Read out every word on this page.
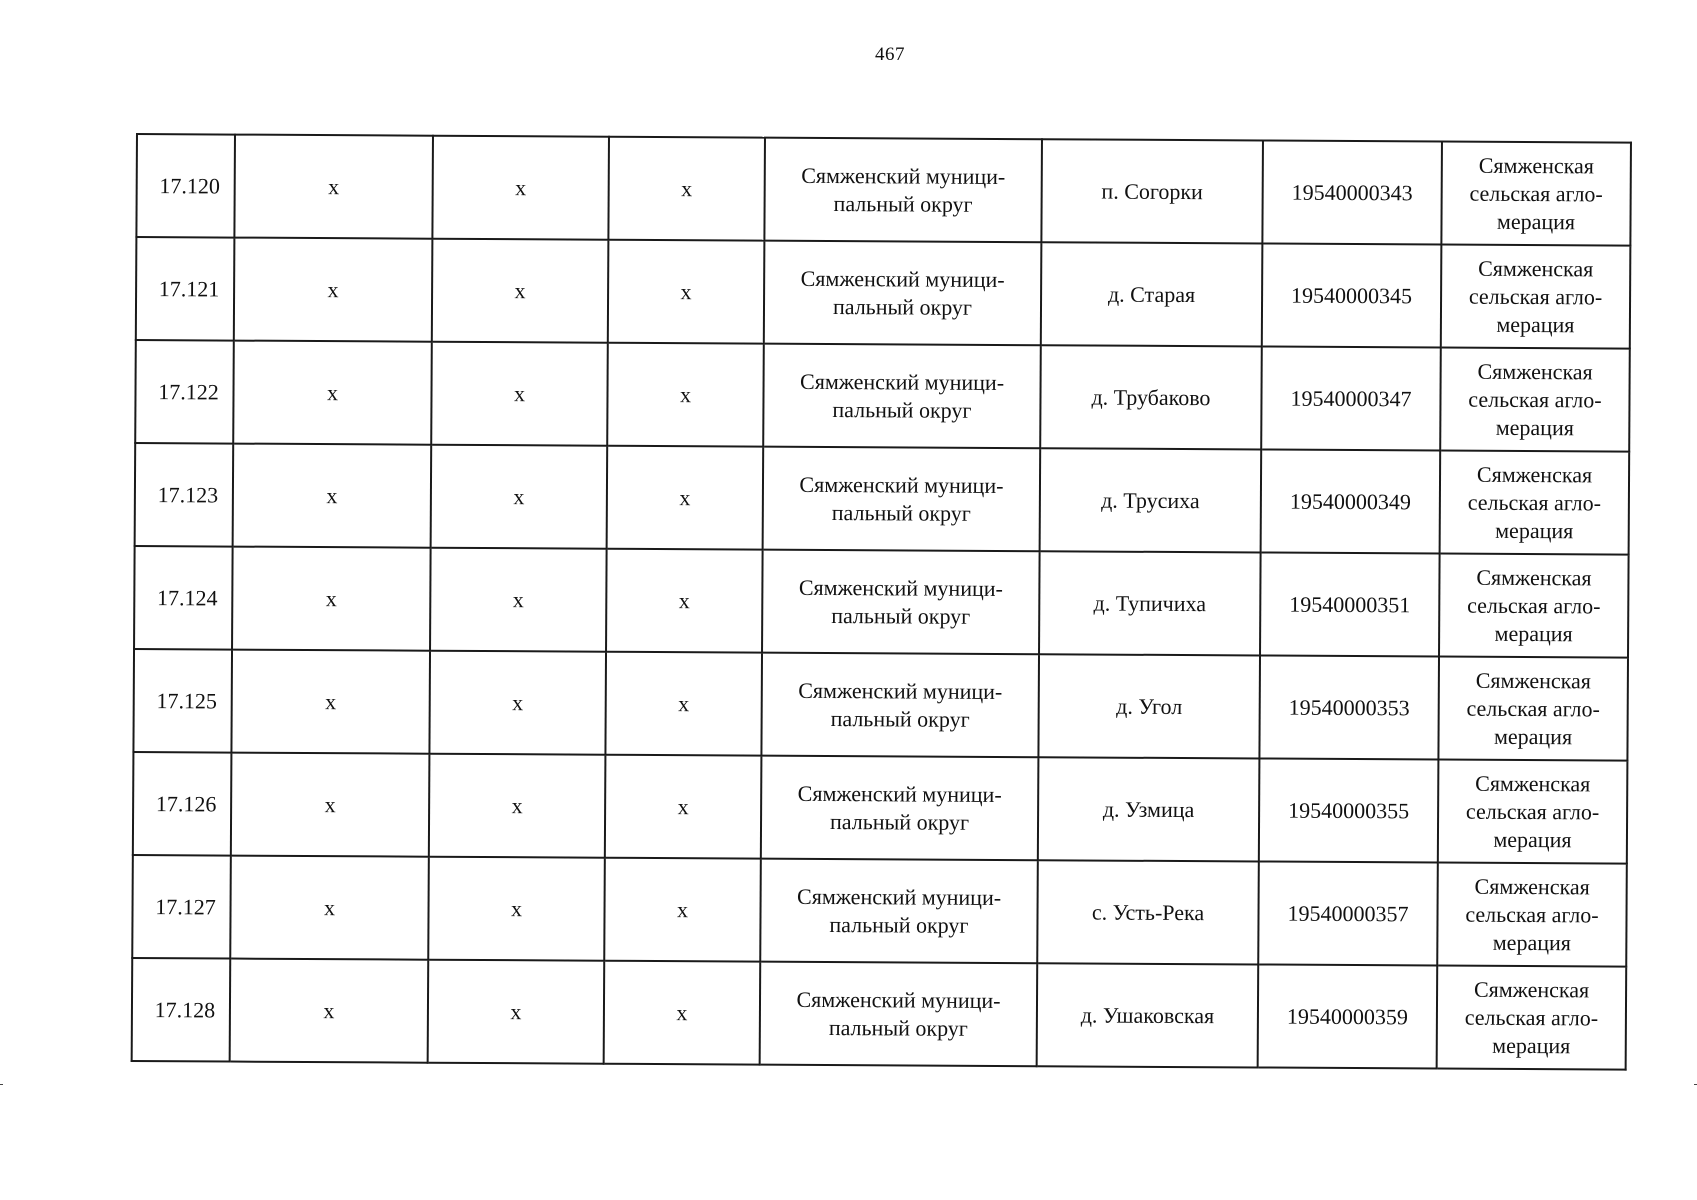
467
17.120	х	х	х	Сямженский муници-
пальный округ	п. Согорки	19540000343	Сямженская
сельская агло-
мерация
17.121	х	х	х	Сямженский муници-
пальный округ	д. Старая	19540000345	Сямженская
сельская агло-
мерация
17.122	х	х	х	Сямженский муници-
пальный округ	д. Трубаково	19540000347	Сямженская
сельская агло-
мерация
17.123	х	х	х	Сямженский муници-
пальный округ	д. Трусиха	19540000349	Сямженская
сельская агло-
мерация
17.124	х	х	х	Сямженский муници-
пальный округ	д. Тупичиха	19540000351	Сямженская
сельская агло-
мерация
17.125	х	х	х	Сямженский муници-
пальный округ	д. Угол	19540000353	Сямженская
сельская агло-
мерация
17.126	х	х	х	Сямженский муници-
пальный округ	д. Узмица	19540000355	Сямженская
сельская агло-
мерация
17.127	х	х	х	Сямженский муници-
пальный округ	с. Усть-Река	19540000357	Сямженская
сельская агло-
мерация
17.128	х	х	х	Сямженский муници-
пальный округ	д. Ушаковская	19540000359	Сямженская
сельская агло-
мерация
